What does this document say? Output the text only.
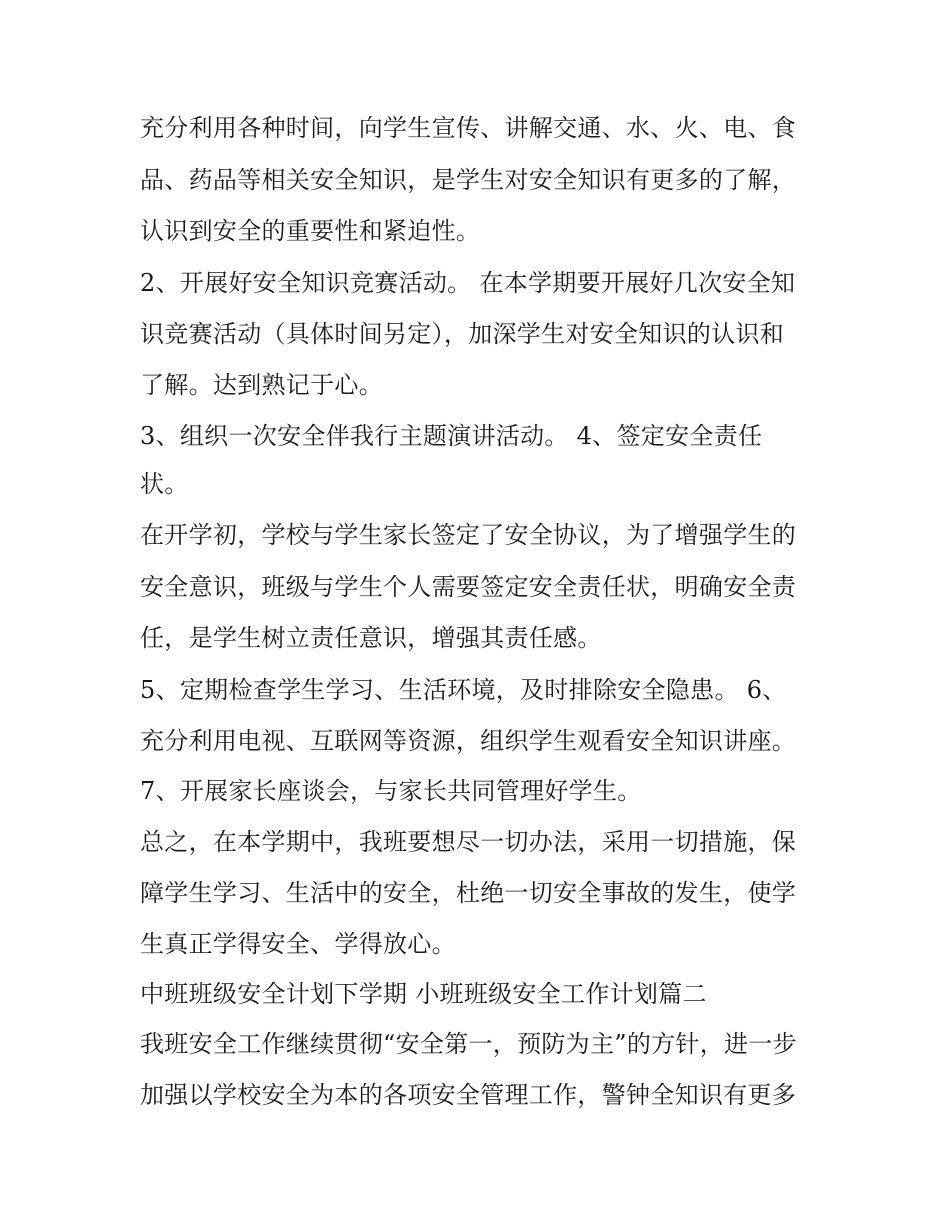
充分利用各种时间，向学生宣传、讲解交通、水、火、电、食
品、药品等相关安全知识，是学生对安全知识有更多的了解，
认识到安全的重要性和紧迫性。
2、开展好安全知识竞赛活动。 在本学期要开展好几次安全知
识竞赛活动（具体时间另定），加深学生对安全知识的认识和
了解。达到熟记于心。
3、组织一次安全伴我行主题演讲活动。 4、签定安全责任
状。
在开学初，学校与学生家长签定了安全协议，为了增强学生的
安全意识，班级与学生个人需要签定安全责任状，明确安全责
任，是学生树立责任意识，增强其责任感。
5、定期检查学生学习、生活环境，及时排除安全隐患。 6、
充分利用电视、互联网等资源，组织学生观看安全知识讲座。
7、开展家长座谈会，与家长共同管理好学生。
总之，在本学期中，我班要想尽一切办法，采用一切措施，保
障学生学习、生活中的安全，杜绝一切安全事故的发生，使学
生真正学得安全、学得放心。
中班班级安全计划下学期 小班班级安全工作计划篇二
我班安全工作继续贯彻“安全第一，预防为主”的方针，进一步
加强以学校安全为本的各项安全管理工作，警钟全知识有更多
